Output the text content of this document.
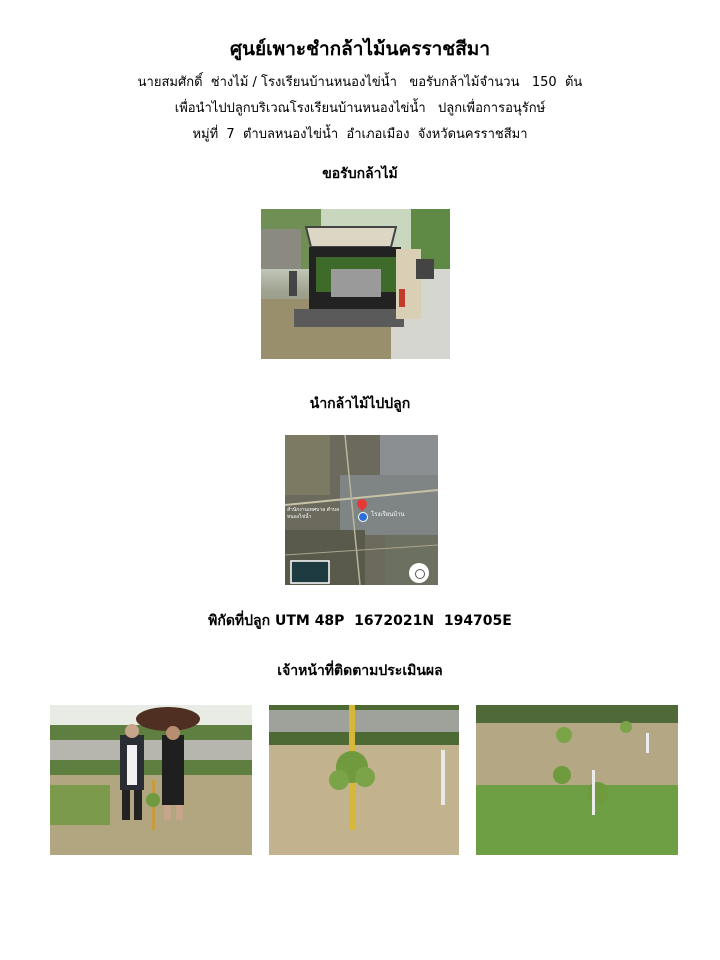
ศูนย์เพาะชำกล้าไม้นครราชสีมา
นายสมศักดิ์  ช่างไม้ / โรงเรียนบ้านหนองไข่น้ำ   ขอรับกล้าไม้จำนวน   150  ต้น
เพื่อนำไปปลูกบริเวณโรงเรียนบ้านหนองไข่น้ำ   ปลูกเพื่อการอนุรักษ์
หมู่ที่  7  ตำบลหนองไข่น้ำ  อำเภอเมือง  จังหวัดนครราชสีมา
ขอรับกล้าไม้
นำกล้าไม้ไปปลูก
โรงเรียนบ้าน
สำนักงานเทศบาล ตำบลหนองไข่น้ำ
พิกัดที่ปลูก UTM 48P  1672021N  194705E
เจ้าหน้าที่ติดตามประเมินผล
